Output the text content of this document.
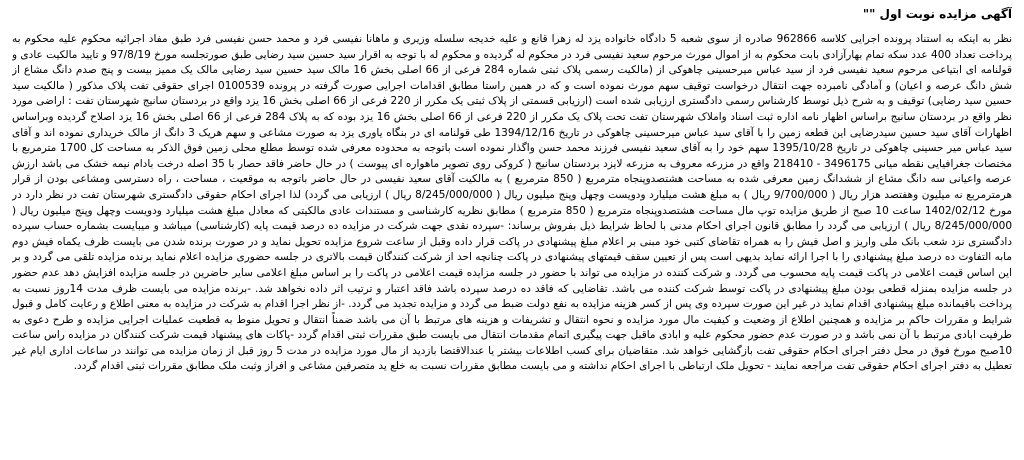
آگهی مزایده نوبت اول ""

نظر به اینکه به استناد پرونده اجرایی کلاسه 962866 صادره از سوی شعبه 5 دادگاه خانواده یزد له زهرا قانع و علیه خدیجه سلسله وزیری و ماهانا نفیسی فرد و محمد حسن نفیسی فرد طبق مفاد اجرائیه محکوم علیه محکوم به پرداخت تعداد 400 عدد سکه تمام بهارآزادی بابت محکوم به از اموال مورث مرحوم سعید نفیسی فرد در محکوم له گردیده و محکوم له با توجه به اقرار سید حسین سید رضایی طبق صورتجلسه مورخ 97/8/19 و تایید مالکیت عادی و قولنامه ای ابتیاعی مرحوم سعید نفیسی فرد از سید عباس میرحسینی چاهوکی از (مالکیت رسمی پلاک ثبتی شماره 284 فرعی از 66 اصلی بخش 16 مالک سید حسین سید رضایی مالک یک ممیز بیست و پنج صدم دانگ مشاع از شش دانگ عرصه و اعیان) و آمادگی نامبرده جهت انتقال درخواست توقیف سهم مورث نموده است و که در همین راستا مطابق اقدامات اجرایی صورت گرفته در پرونده 0100539 اجرای حقوقی تفت پلاک مذکور ( مالکیت سید حسین سید رضایی) توقیف و به شرح ذیل توسط کارشناس رسمی دادگستری ارزیابی شده است (ارزیابی قسمتی از پلاک ثبتی یک مکرر از 220 فرعی از 66 اصلی بخش 16 یزد واقع در بردستان سانیج شهرستان تفت : اراضی مورد نظر واقع در بردستان سانیج براساس اظهار نامه اداره ثبت اسناد واملاک شهرستان تفت تحت پلاک یک مکرر از 220 فرعی از 66 اصلی بخش 16 یزد بوده که به پلاک 284 فرعی از 66 اصلی بخش 16 یزد اصلاح گردیده وبراساس اظهارات آقای سید حسین سیدرضایی این قطعه زمین را با آقای سید عباس میرحسینی چاهوکی در تاریخ 1394/12/16 طی قولنامه ای در بنگاه یاوری یزد به صورت مشاعی و سهم هریک 3 دانگ از مالک خریداری نموده اند و آقای سید عباس میر حسینی چاهوکی در تاریخ 1395/10/28 سهم خود را به آقای سعید نفیسی فرزند محمد حسن واگذار نموده است باتوجه به محدوده معرفی شده توسط مطلع محلی زمین فوق الذکر به مساحت کل 1700 مترمربع با مختصات جغرافیایی نقطه میانی 3496175 - 218410 واقع در مزرعه معروف به مزرعه لایزد بردستان سانیج ( کروکی روی تصویر ماهواره ای پیوست ) در حال حاضر فاقد حصار با 35 اصله درخت بادام نیمه خشک می باشد ارزش عرصه واعیانی سه دانگ مشاع از ششدانگ زمین معرفی شده به مساحت هشتصدوپنجاه مترمربع ( 850 مترمربع ) به مالکیت آقای سعید نفیسی در حال حاضر باتوجه به موقعیت ، مساحت ، راه دسترسی ومشاعی بودن از قرار هرمترمربع نه میلیون وهفتصد هزار ریال ( 9/700/000 ریال ) به مبلغ هشت میلیارد ودویست وچهل وپنج میلیون ریال ( 8/245/000/000 ریال ) ارزیابی می گردد) لذا اجرای احکام حقوقی دادگستری شهرستان تفت در نظر دارد در مورخ 1402/02/12 ساعت 10 صبح از طریق مزایده توپ مال مساحت هشتصدوپنجاه مترمربع ( 850 مترمربع ) مطابق نظریه کارشناسی و مستندات عادی مالکیتی که معادل مبلغ هشت میلیارد ودویست وچهل وپنج میلیون ریال ( 8/245/000/000 ریال ) ارزیابی می گردد را مطابق قانون اجرای احکام مدنی با لحاظ شرایط ذیل بفروش برساند: -سپرده نقدی جهت شرکت در مزایده ده درصد قیمت پایه (کارشناسی) میباشد و میبایست بشماره حساب سپرده دادگستری نزد شعب بانک ملی واریز و اصل فیش را به همراه تقاضای کتبی خود مبنی بر اعلام مبلغ پیشنهادی در پاکت قرار داده وقبل از ساعت شروع مزایده تحویل نماید و در صورت برنده شدن می بایست ظرف یکماه فیش دوم مابه التفاوت ده درصد مبلغ پیشنهادی را با اجرا ارائه نماید بدیهی است پس از تعیین سقف قیمتهای پیشنهادی در پاکت چنانچه احد از شرکت کنندگان قیمت بالاتری در جلسه حضوری مزایده اعلام نماید برنده مزایده تلقی می گردد و بر این اساس قیمت اعلامی در پاکت قیمت پایه محسوب می گردد. و شرکت کننده در مزایده می تواند با حضور در جلسه مزایده قیمت اعلامی در پاکت را بر اساس مبلغ اعلامی سایر حاضرین در جلسه مزایده افزایش دهد عدم حضور در جلسه مزایده بمنزله قطعی بودن مبلغ پیشنهادی در پاکت توسط شرکت کننده می باشد. تقاضایی که فاقد ده درصد سپرده باشد فاقد اعتبار و ترتیب اثر داده نخواهد شد. -برنده مزایده می بایست ظرف مدت 14روز نسبت به پرداخت باقیمانده مبلغ پیشنهادی اقدام نماید در غیر این صورت سپرده وی پس از کسر هزینه مزایده به نفع دولت ضبط می گردد و مزایده تجدید می گردد. -از نظر اجرا اقدام به شرکت در مزایده به معنی اطلاع و رعایت کامل و قبول شرایط و مقررات حاکم بر مزایده و همچنین اطلاع از وضعیت و کیفیت مال مورد مزایده و نحوه انتقال و تشریفات و هزینه های مرتبط با آن می باشد ضمناً انتقال و تحویل منوط به قطعیت عملیات اجرایی مزایده و طرح دعوی به طرفیت ابادی مرتبط با آن نمی باشد و در صورت عدم حضور محکوم علیه و ابادی ماقبل جهت پیگیری اتمام مقدمات انتقال می بایست طبق مقررات ثبتی اقدام گردد -پاکات های پیشنهاد قیمت شرکت کنندگان در مزایده راس ساعت 10صبح مورخ فوق در محل دفتر اجرای احکام حقوقی تفت بازگشایی خواهد شد. متقاضیان برای کسب اطلاعات بیشتر یا عندالاقتضا بازدید از مال مورد مزایده در مدت 5 روز قبل از زمان مزایده می توانند در ساعات اداری ایام غیر تعطیل به دفتر اجرای احکام حقوقی تفت مراجعه نمایند - تحویل ملک ارتباطی با اجرای احکام نداشته و می بایست مطابق مقررات نسبت به خلع ید متصرفین مشاعی و افراز وثبت ملک مطابق مقررات ثبتی اقدام گردد.
